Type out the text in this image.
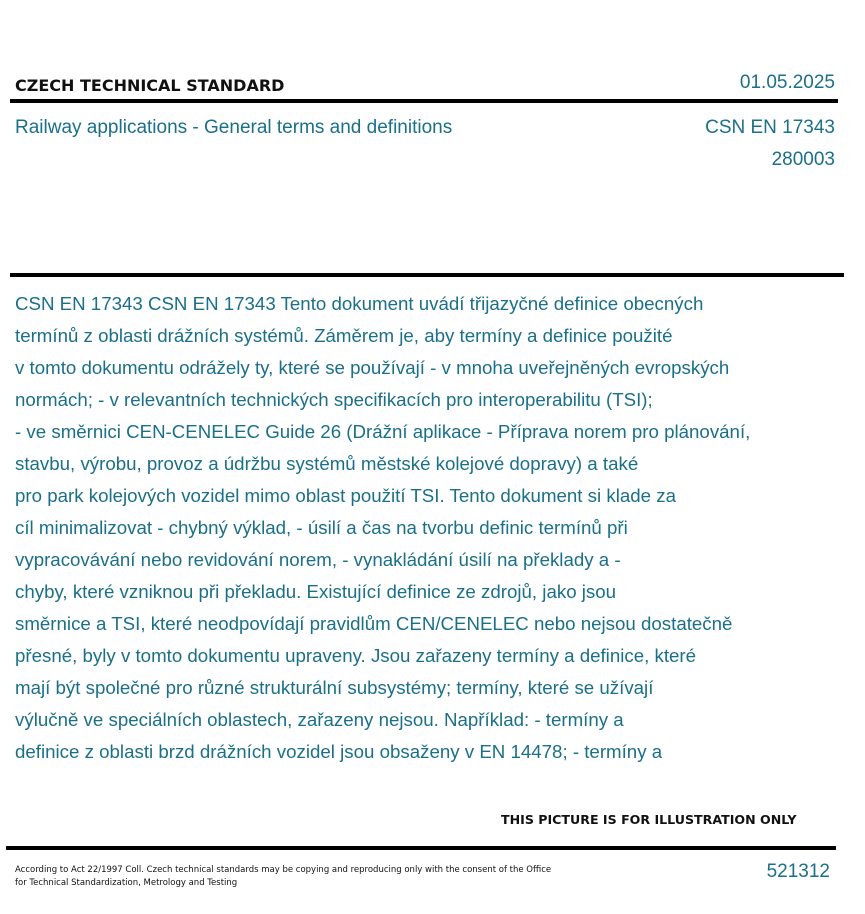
CZECH TECHNICAL STANDARD	01.05.2025
Railway applications - General terms and definitions	CSN EN 17343
280003
CSN EN 17343 CSN EN 17343 Tento dokument uvádí třijazyčné definice obecných
termínů z oblasti drážních systémů. Záměrem je, aby termíny a definice použité
v tomto dokumentu odrážely ty, které se používají - v mnoha uveřejněných evropských
normách; - v relevantních technických specifikacích pro interoperabilitu (TSI);
- ve směrnici CEN-CENELEC Guide 26 (Drážní aplikace - Příprava norem pro plánování,
stavbu, výrobu, provoz a údržbu systémů městské kolejové dopravy) a také
pro park kolejových vozidel mimo oblast použití TSI. Tento dokument si klade za
cíl minimalizovat - chybný výklad, - úsilí a čas na tvorbu definic termínů při
vypracovávání nebo revidování norem, - vynakládání úsilí na překlady a -
chyby, které vzniknou při překladu. Existující definice ze zdrojů, jako jsou
směrnice a TSI, které neodpovídají pravidlům CEN/CENELEC nebo nejsou dostatečně
přesné, byly v tomto dokumentu upraveny. Jsou zařazeny termíny a definice, které
mají být společné pro různé strukturální subsystémy; termíny, které se užívají
výlučně ve speciálních oblastech, zařazeny nejsou. Například: - termíny a
definice z oblasti brzd drážních vozidel jsou obsaženy v EN 14478; - termíny a
THIS PICTURE IS FOR ILLUSTRATION ONLY
According to Act 22/1997 Coll. Czech technical standards may be copying and reproducing only with the consent of the Office
for Technical Standardization, Metrology and Testing
521312
